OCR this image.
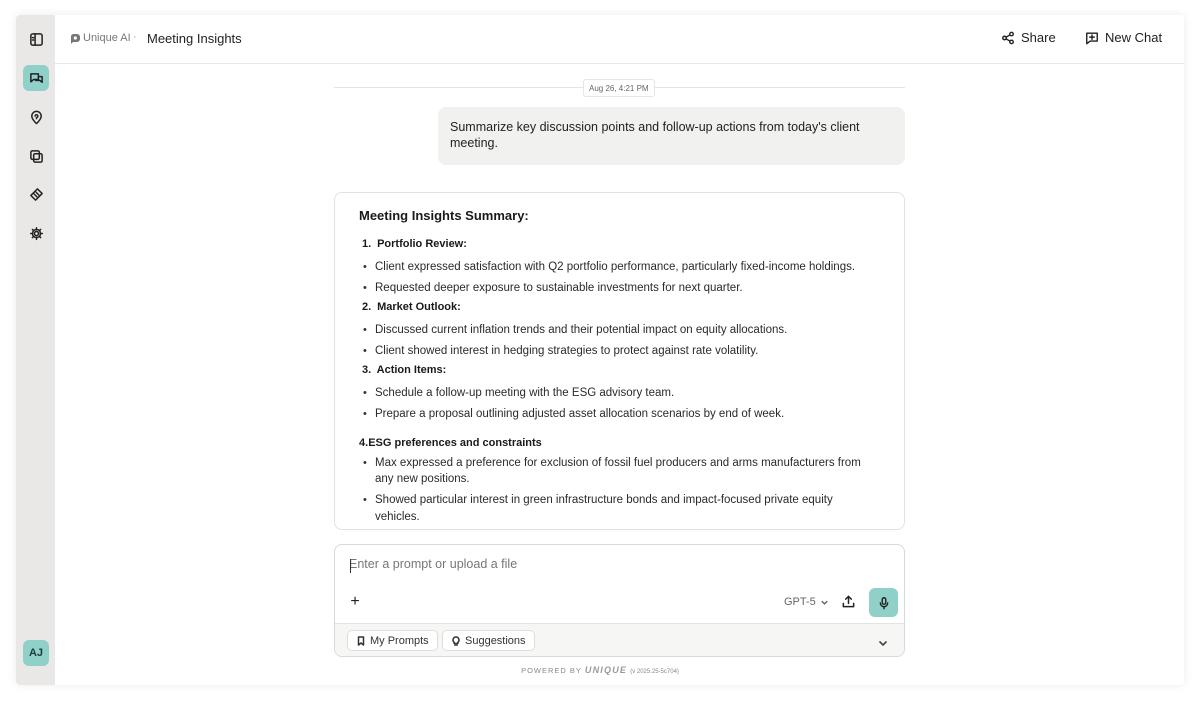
AJ
Unique AI · Meeting Insights	Share	New Chat
Aug 26, 4:21 PM
Summarize key discussion points and follow-up actions from today's client meeting.
Meeting Insights Summary:
1. Portfolio Review:
• Client expressed satisfaction with Q2 portfolio performance, particularly fixed-income holdings.
• Requested deeper exposure to sustainable investments for next quarter.
2. Market Outlook:
• Discussed current inflation trends and their potential impact on equity allocations.
• Client showed interest in hedging strategies to protect against rate volatility.
3. Action Items:
• Schedule a follow-up meeting with the ESG advisory team.
• Prepare a proposal outlining adjusted asset allocation scenarios by end of week.
4.ESG preferences and constraints
• Max expressed a preference for exclusion of fossil fuel producers and arms manufacturers from any new positions.
• Showed particular interest in green infrastructure bonds and impact-focused private equity vehicles.
Enter a prompt or upload a file
+	GPT-5
My Prompts	Suggestions
POWERED BY UNIQUE (v 2025.25-5c704)
